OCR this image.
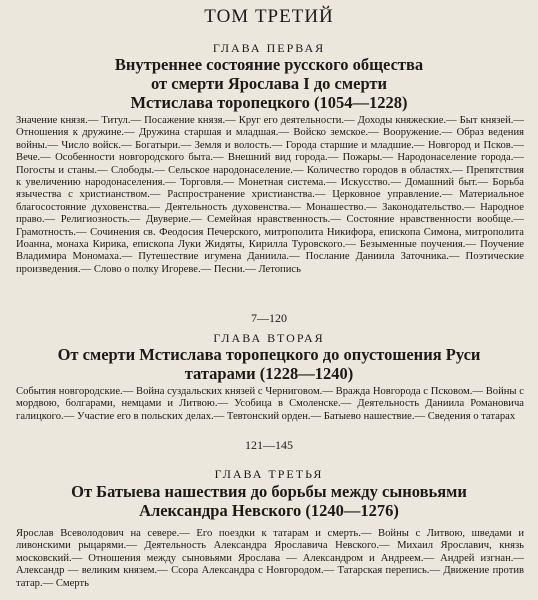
ТОМ ТРЕТИЙ
ГЛАВА ПЕРВАЯ
Внутреннее состояние русского общества
от смерти Ярослава I до смерти
Мстислава торопецкого (1054—1228)
Значение князя.— Титул.— Посажение князя.— Круг его деятельности.— Доходы княжеские.— Быт князей.— Отношения к дружине.— Дружина старшая и младшая.— Войско земское.— Вооружение.— Образ ведения войны.— Число войск.— Богатыри.— Земля и волость.— Города старшие и младшие.— Новгород и Псков.— Вече.— Особенности новгородского быта.— Внешний вид города.— Пожары.— Народонаселение города.— Погосты и станы.— Слободы.— Сельское народонаселение.— Количество городов в областях.— Препятствия к увеличению народонаселения.— Торговля.— Монетная система.— Искусство.— Домашний быт.— Борьба язычества с христианством.— Распространение христианства.— Церковное управление.— Материальное благосостояние духовенства.— Деятельность духовенства.— Монашество.— Законодательство.— Народное право.— Религиозность.— Двуверие.— Семейная нравственность.— Состояние нравственности вообще.— Грамотность.— Сочинения св. Феодосия Печерского, митрополита Никифора, епископа Симона, митрополита Иоанна, монаха Кирика, епископа Луки Жидяты, Кирилла Туровского.— Безыменные поучения.— Поучение Владимира Мономаха.— Путешествие игумена Даниила.— Послание Даниила Заточника.— Поэтические произведения.— Слово о полку Игореве.— Песни.— Летопись
7—120
ГЛАВА ВТОРАЯ
От смерти Мстислава торопецкого до опустошения Руси
татарами (1228—1240)
События новгородские.— Война суздальских князей с Черниговом.— Вражда Новгорода с Псковом.— Войны с мордвою, болгарами, немцами и Литвою.— Усобица в Смоленске.— Деятельность Даниила Романовича галицкого.— Участие его в польских делах.— Тевтонский орден.— Батыево нашествие.— Сведения о татарах
121—145
ГЛАВА ТРЕТЬЯ
От Батыева нашествия до борьбы между сыновьями
Александра Невского (1240—1276)
Ярослав Всеволодович на севере.— Его поездки к татарам и смерть.— Войны с Литвою, шведами и ливонскими рыцарями.— Деятельность Александра Ярославича Невского.— Михаил Ярославич, князь московский.— Отношения между сыновьями Ярослава — Александром и Андреем.— Андрей изгнан.— Александр — великим князем.— Ссора Александра с Новгородом.— Татарская перепись.— Движение против татар.— Смерть
